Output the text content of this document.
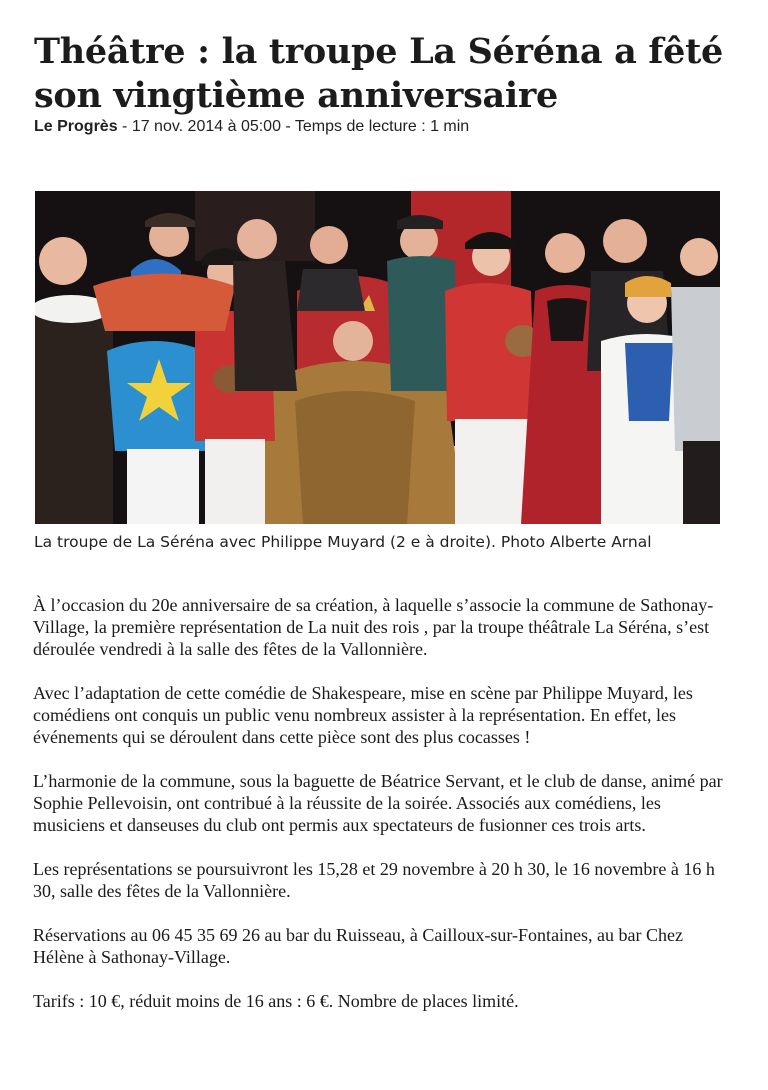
Théâtre : la troupe La Séréna a fêté son vingtième anniversaire
Le Progrès - 17 nov. 2014 à 05:00 - Temps de lecture : 1 min
La troupe de La Séréna avec Philippe Muyard (2 e à droite). Photo Alberte Arnal

À l’occasion du 20e anniversaire de sa création, à laquelle s’associe la commune de Sathonay-Village, la première représentation de La nuit des rois , par la troupe théâtrale La Séréna, s’est déroulée vendredi à la salle des fêtes de la Vallonnière.

Avec l’adaptation de cette comédie de Shakespeare, mise en scène par Philippe Muyard, les comédiens ont conquis un public venu nombreux assister à la représentation. En effet, les événements qui se déroulent dans cette pièce sont des plus cocasses !

L’harmonie de la commune, sous la baguette de Béatrice Servant, et le club de danse, animé par Sophie Pellevoisin, ont contribué à la réussite de la soirée. Associés aux comédiens, les musiciens et danseuses du club ont permis aux spectateurs de fusionner ces trois arts.

Les représentations se poursuivront les 15,28 et 29 novembre à 20 h 30, le 16 novembre à 16 h 30, salle des fêtes de la Vallonnière.

Réservations au 06 45 35 69 26 au bar du Ruisseau, à Cailloux-sur-Fontaines, au bar Chez Hélène à Sathonay-Village.

Tarifs : 10 €, réduit moins de 16 ans : 6 €. Nombre de places limité.
